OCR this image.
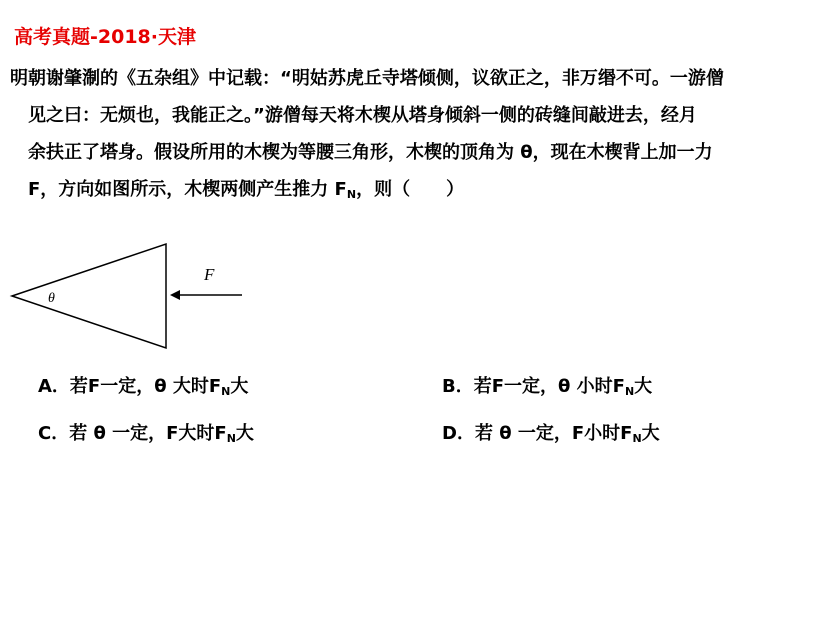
高考真题-2018·天津
明朝谢肇淛的《五杂组》中记载：“明姑苏虎丘寺塔倾侧，议欲正之，非万缗不可。一游僧
见之曰：无烦也，我能正之。”游僧每天将木楔从塔身倾斜一侧的砖缝间敲进去，经月
余扶正了塔身。假设所用的木楔为等腰三角形，木楔的顶角为 θ，现在木楔背上加一力
F，方向如图所示，木楔两侧产生推力 $F_N$，则（　　）
θ
F
A．若F一定，θ 大时$F_N$大	B．若F一定，θ 小时$F_N$大
C．若 θ 一定，F大时$F_N$大	D．若 θ 一定，F小时$F_N$大
